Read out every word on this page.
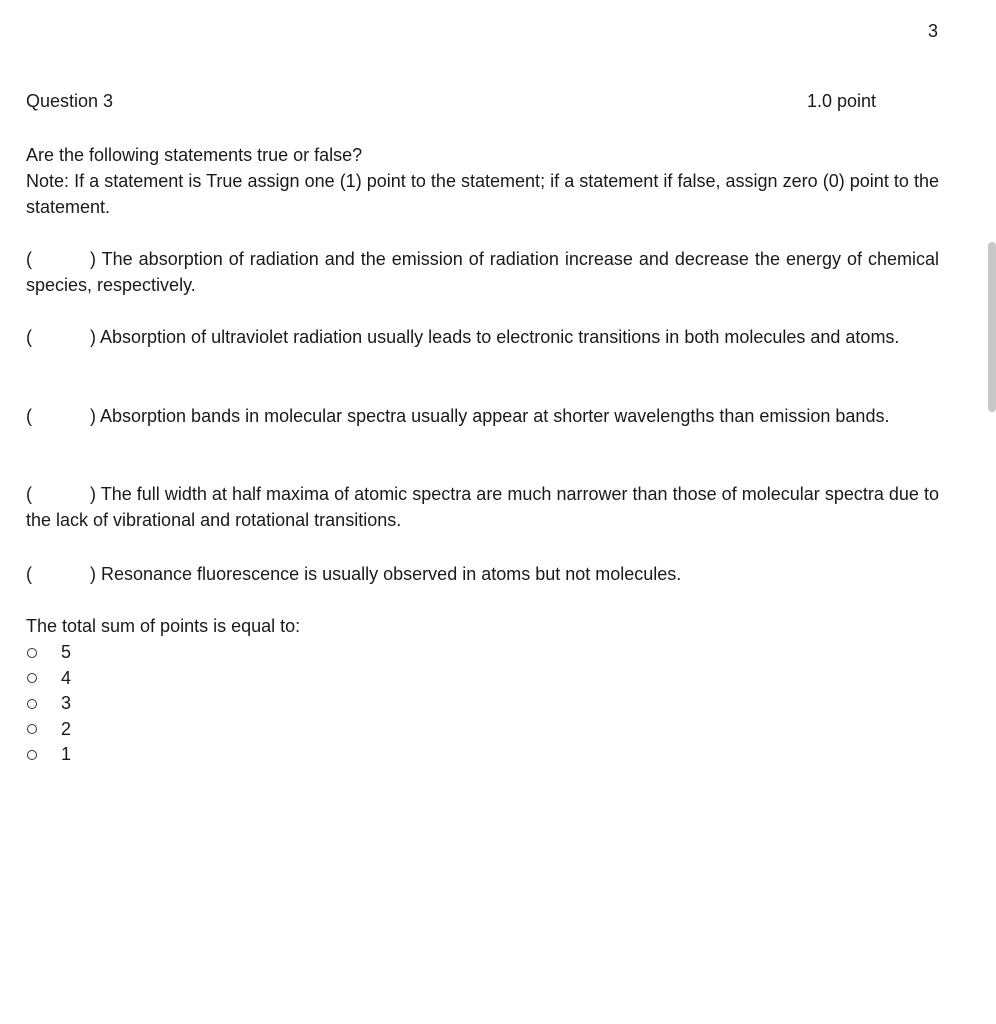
3
Question 3	1.0 point
Are the following statements true or false?
Note: If a statement is True assign one (1) point to the statement; if a statement if false, assign zero (0) point to the statement.
(	) The absorption of radiation and the emission of radiation increase and decrease the energy of chemical species, respectively.
(	) Absorption of ultraviolet radiation usually leads to electronic transitions in both molecules and atoms.
(	) Absorption bands in molecular spectra usually appear at shorter wavelengths than emission bands.
(	) The full width at half maxima of atomic spectra are much narrower than those of molecular spectra due to the lack of vibrational and rotational transitions.
(	) Resonance fluorescence is usually observed in atoms but not molecules.
The total sum of points is equal to:
5
4
3
2
1
